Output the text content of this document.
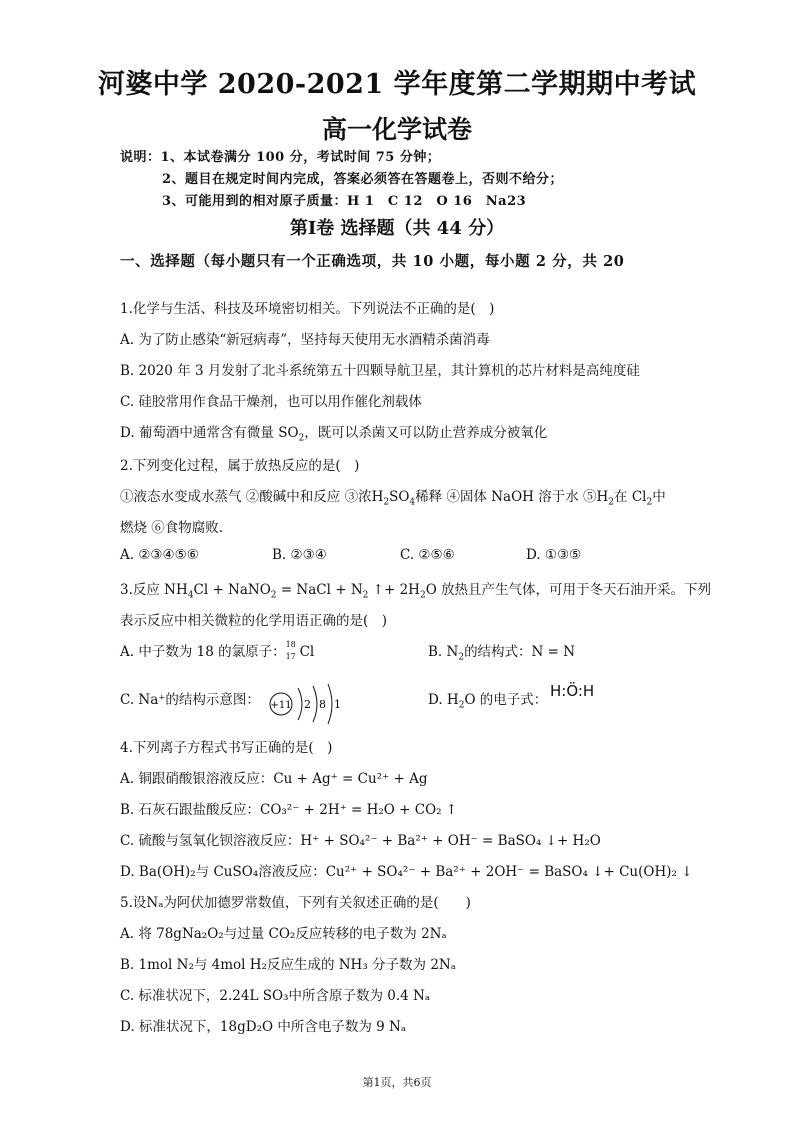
河婆中学 2020-2021 学年度第二学期期中考试
高一化学试卷
说明：1、本试卷满分 100 分，考试时间 75 分钟；
2、题目在规定时间内完成，答案必须答在答题卷上，否则不给分；
3、可能用到的相对原子质量：H 1　C 12　O 16　Na23
第Ⅰ卷 选择题（共 44 分）
一、选择题（每小题只有一个正确选项，共 10 小题，每小题 2 分，共 20
1.化学与生活、科技及环境密切相关。下列说法不正确的是(　)
A. 为了防止感染“新冠病毒”，坚持每天使用无水酒精杀菌消毒
B. 2020 年 3 月发射了北斗系统第五十四颗导航卫星，其计算机的芯片材料是高纯度硅
C. 硅胶常用作食品干燥剂，也可以用作催化剂载体
D. 葡萄酒中通常含有微量 $SO_2$，既可以杀菌又可以防止营养成分被氧化
2.下列变化过程，属于放热反应的是(　)
①液态水变成水蒸气 ②酸碱中和反应 ③浓$H_2SO_4$稀释 ④固体 NaOH 溶于水 $⑤H_2$在 $Cl_2$中
燃烧 ⑥食物腐败.
A. ②③④⑤⑥	B. ②③④	C. ②⑤⑥	D. ①③⑤
3.反应 $NH_4Cl$ + NaNO$_2$ = NaCl + $N_2$ ↑+ $2H_2O$ 放热且产生气体，可用于冬天石油开采。下列
表示反应中相关微粒的化学用语正确的是(　)
A. 中子数为 18 的氯原子： 18
17 Cl	B. $N_2$的结构式：N = N
C. Na⁺的结构示意图： +11 2 8 1	D. $H_2O$ 的电子式： H:Ö:H
4.下列离子方程式书写正确的是(　)
A. 铜跟硝酸银溶液反应：Cu + Ag⁺ = Cu²⁺ + Ag
B. 石灰石跟盐酸反应：CO₃²⁻ + 2H⁺ = H₂O + CO₂ ↑
C. 硫酸与氢氧化钡溶液反应：H⁺ + SO₄²⁻ + Ba²⁺ + OH⁻ = BaSO₄ ↓+ H₂O
D. Ba(OH)₂与 CuSO₄溶液反应：Cu²⁺ + SO₄²⁻ + Ba²⁺ + 2OH⁻ = BaSO₄ ↓+ Cu(OH)₂ ↓
5.设Nₐ为阿伏加德罗常数值，下列有关叙述正确的是(　　)
A. 将 78gNa₂O₂与过量 CO₂反应转移的电子数为 2Nₐ
B. 1mol N₂与 4mol H₂反应生成的 NH₃ 分子数为 2Nₐ
C. 标准状况下，2.24L SO₃中所含原子数为 0.4 Nₐ
D. 标准状况下，18gD₂O 中所含电子数为 9 Nₐ
第1页，共6页
